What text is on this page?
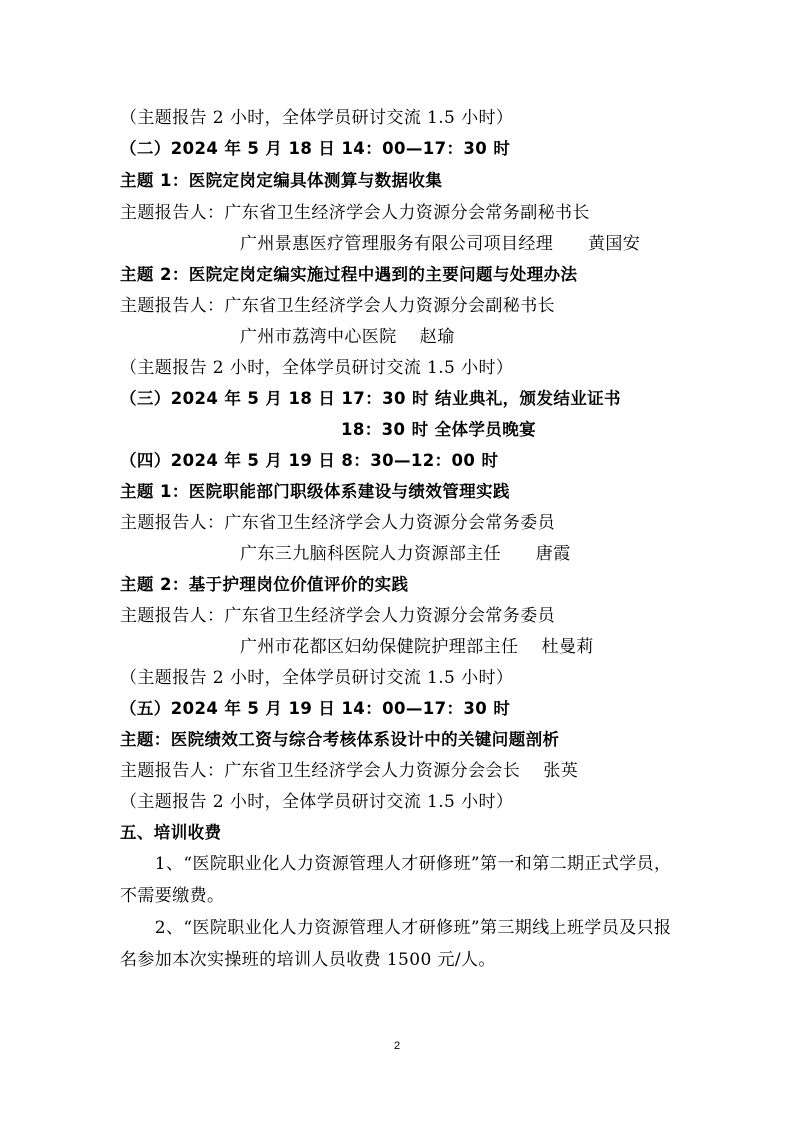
（主题报告 2 小时，全体学员研讨交流 1.5 小时）
（二）2024 年 5 月 18 日 14：00—17：30 时
主题 1：医院定岗定编具体测算与数据收集
主题报告人：广东省卫生经济学会人力资源分会常务副秘书长
广州景惠医疗管理服务有限公司项目经理　　黄国安
主题 2：医院定岗定编实施过程中遇到的主要问题与处理办法
主题报告人：广东省卫生经济学会人力资源分会副秘书长
广州市荔湾中心医院　 赵瑜
（主题报告 2 小时，全体学员研讨交流 1.5 小时）
（三）2024 年 5 月 18 日 17：30 时 结业典礼，颁发结业证书
18：30 时 全体学员晚宴
（四）2024 年 5 月 19 日 8：30—12：00 时
主题 1：医院职能部门职级体系建设与绩效管理实践
主题报告人：广东省卫生经济学会人力资源分会常务委员
广东三九脑科医院人力资源部主任　　唐霞
主题 2：基于护理岗位价值评价的实践
主题报告人：广东省卫生经济学会人力资源分会常务委员
广州市花都区妇幼保健院护理部主任　 杜曼莉
（主题报告 2 小时，全体学员研讨交流 1.5 小时）
（五）2024 年 5 月 19 日 14：00—17：30 时
主题：医院绩效工资与综合考核体系设计中的关键问题剖析
主题报告人：广东省卫生经济学会人力资源分会会长　 张英
（主题报告 2 小时，全体学员研讨交流 1.5 小时）
五、培训收费
　　1、“医院职业化人力资源管理人才研修班”第一和第二期正式学员，不需要缴费。
　　2、“医院职业化人力资源管理人才研修班”第三期线上班学员及只报名参加本次实操班的培训人员收费 1500 元/人。
2
